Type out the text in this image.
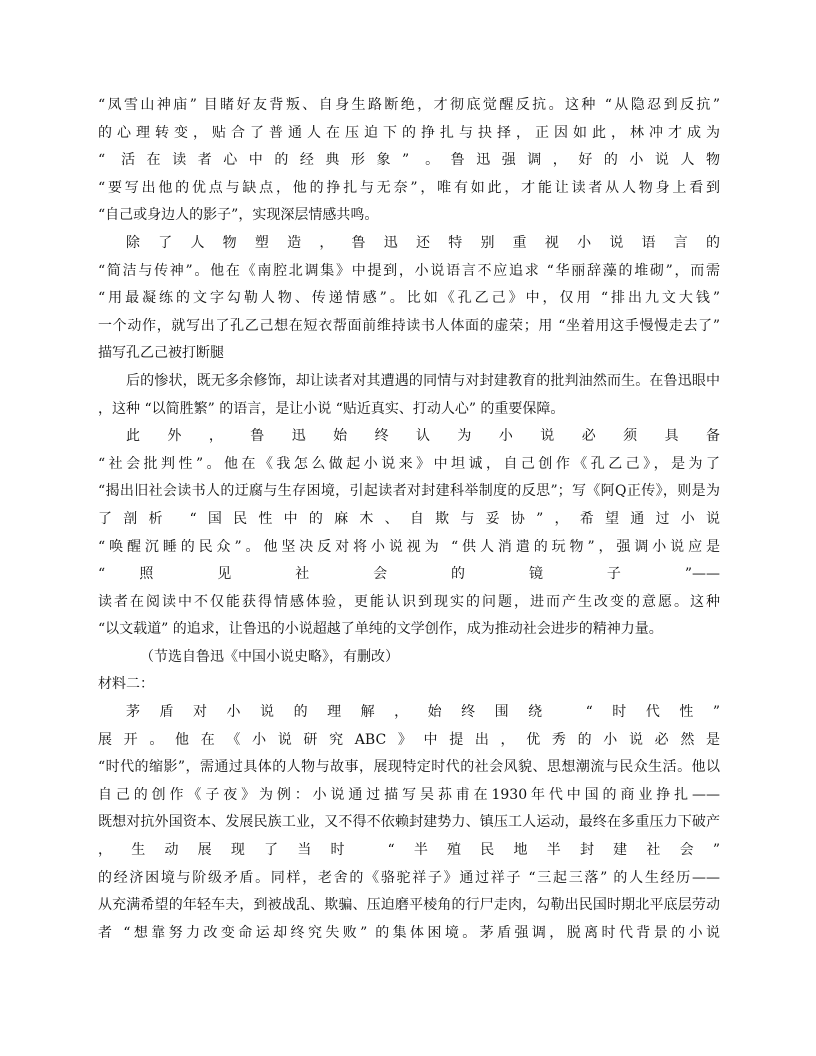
“凤雪山神庙” 目睹好友背叛、自身生路断绝，才彻底觉醒反抗。这种 “从隐忍到反抗”
的心理转变，贴合了普通人在压迫下的挣扎与抉择，正因如此，林冲才成为
“ 活在读者心中的经典形象” 。鲁迅强调，好的小说人物
“要写出他的优点与缺点，他的挣扎与无奈”，唯有如此，才能让读者从人物身上看到
“自己或身边人的影子”，实现深层情感共鸣。
除了人物塑造，鲁迅还特别重视小说语言的
“简洁与传神”。他在《南腔北调集》中提到，小说语言不应追求 “华丽辞藻的堆砌”，而需
“用最凝练的文字勾勒人物、传递情感”。比如《孔乙己》中，仅用 “排出九文大钱”
一个动作，就写出了孔乙己想在短衣帮面前维持读书人体面的虚荣；用 “坐着用这手慢慢走去了”
描写孔乙己被打断腿
后的惨状，既无多余修饰，却让读者对其遭遇的同情与对封建教育的批判油然而生。在鲁迅眼中
，这种 “以简胜繁” 的语言，是让小说 “贴近真实、打动人心” 的重要保障。
此外，鲁迅始终认为小说必须具备
“社会批判性”。他在《我怎么做起小说来》中坦诚，自己创作《孔乙己》，是为了
“揭出旧社会读书人的迂腐与生存困境，引起读者对封建科举制度的反思”；写《阿Q正传》，则是为
了剖析 “国民性中的麻木、自欺与妥协”，希望通过小说
“唤醒沉睡的民众”。他坚决反对将小说视为 “供人消遣的玩物”，强调小说应是
“ 照 见 社 会 的 镜 子 ”——
读者在阅读中不仅能获得情感体验，更能认识到现实的问题，进而产生改变的意愿。这种
“以文载道” 的追求，让鲁迅的小说超越了单纯的文学创作，成为推动社会进步的精神力量。
（节选自鲁迅《中国小说史略》，有删改）
材料二：
茅盾对小说的理解，始终围绕 “时代性”
展开。他在《小说研究ABC》中提出，优秀的小说必然是
“时代的缩影”，需通过具体的人物与故事，展现特定时代的社会风貌、思想潮流与民众生活。他以
自己的创作《子夜》为例：小说通过描写吴荪甫在1930年代中国的商业挣扎——
既想对抗外国资本、发展民族工业，又不得不依赖封建势力、镇压工人运动，最终在多重压力下破产
，生动展现了当时 “半殖民地半封建社会”
的经济困境与阶级矛盾。同样，老舍的《骆驼祥子》通过祥子 “三起三落” 的人生经历——
从充满希望的年轻车夫，到被战乱、欺骗、压迫磨平棱角的行尸走肉，勾勒出民国时期北平底层劳动
者 “想靠努力改变命运却终究失败” 的集体困境。茅盾强调，脱离时代背景的小说
